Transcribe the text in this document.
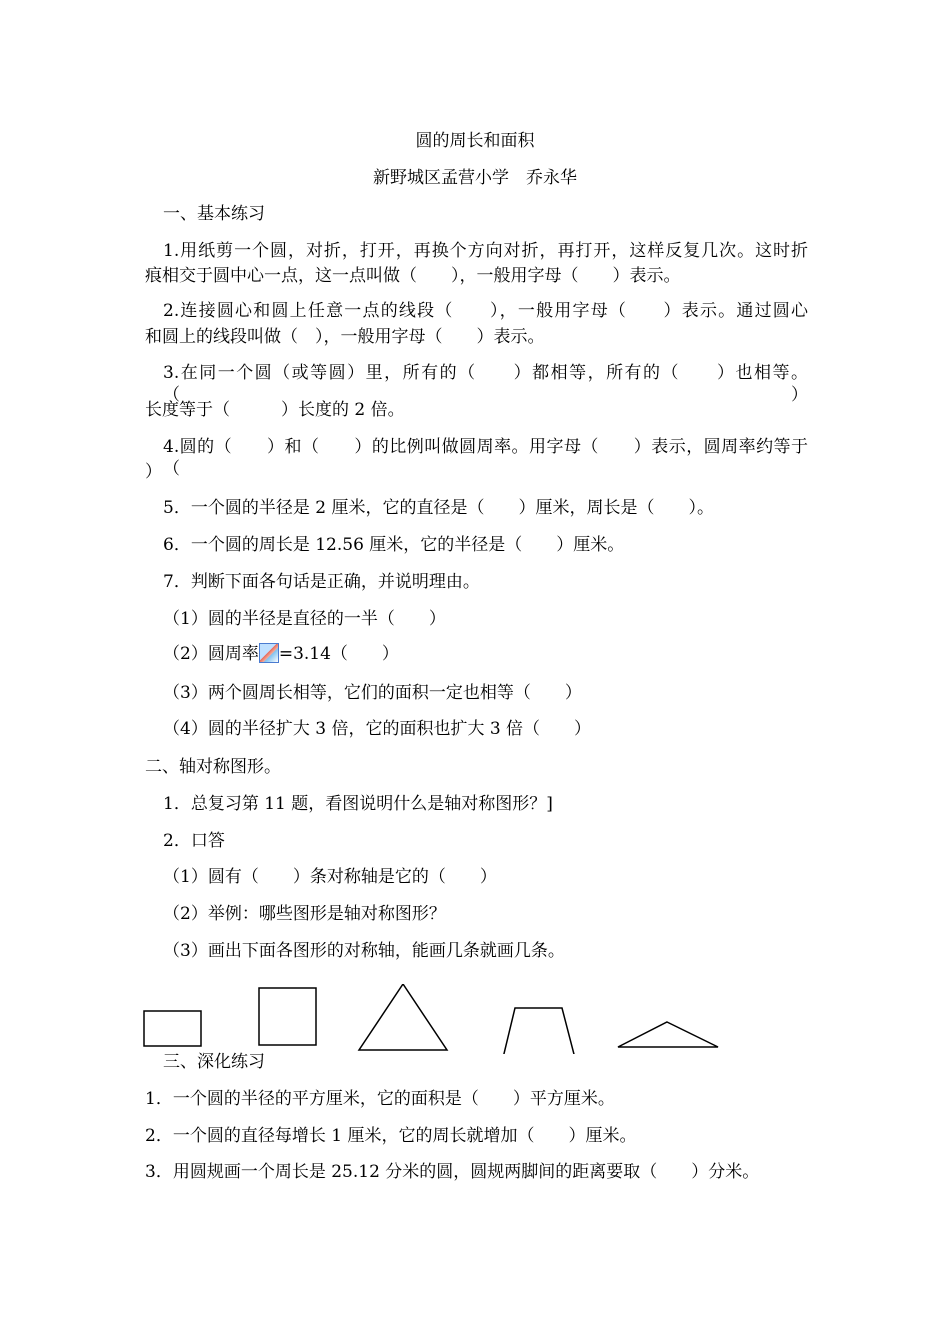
圆的周长和面积
新野城区孟营小学　乔永华
一、基本练习
1.用纸剪一个圆，对折，打开，再换个方向对折，再打开，这样反复几次。这时折
痕相交于圆中心一点，这一点叫做（　　），一般用字母（　　）表示。
2.连接圆心和圆上任意一点的线段（　　），一般用字母（　　）表示。通过圆心
和圆上的线段叫做（　），一般用字母（　　）表示。
3.在同一个圆（或等圆）里，所有的（　　）都相等，所有的（　　）也相等。（　　）
长度等于（　　　）长度的 2 倍。
4.圆的（　　）和（　　）的比例叫做圆周率。用字母（　　）表示，圆周率约等于（
）
5．一个圆的半径是 2 厘米，它的直径是（　　）厘米，周长是（　　）。
6．一个圆的周长是 12.56 厘米，它的半径是（　　）厘米。
7．判断下面各句话是正确，并说明理由。
（1）圆的半径是直径的一半（　　）
（2）圆周率 =3.14（　　）
（3）两个圆周长相等，它们的面积一定也相等（　　）
（4）圆的半径扩大 3 倍，它的面积也扩大 3 倍（　　）
二、轴对称图形。
1．总复习第 11 题，看图说明什么是轴对称图形？]
2．口答
（1）圆有（　　）条对称轴是它的（　　）
（2）举例：哪些图形是轴对称图形？
（3）画出下面各图形的对称轴，能画几条就画几条。
三、深化练习
1．一个圆的半径的平方厘米，它的面积是（　　）平方厘米。
2．一个圆的直径每增长 1 厘米，它的周长就增加（　　）厘米。
3．用圆规画一个周长是 25.12 分米的圆，圆规两脚间的距离要取（　　）分米。
